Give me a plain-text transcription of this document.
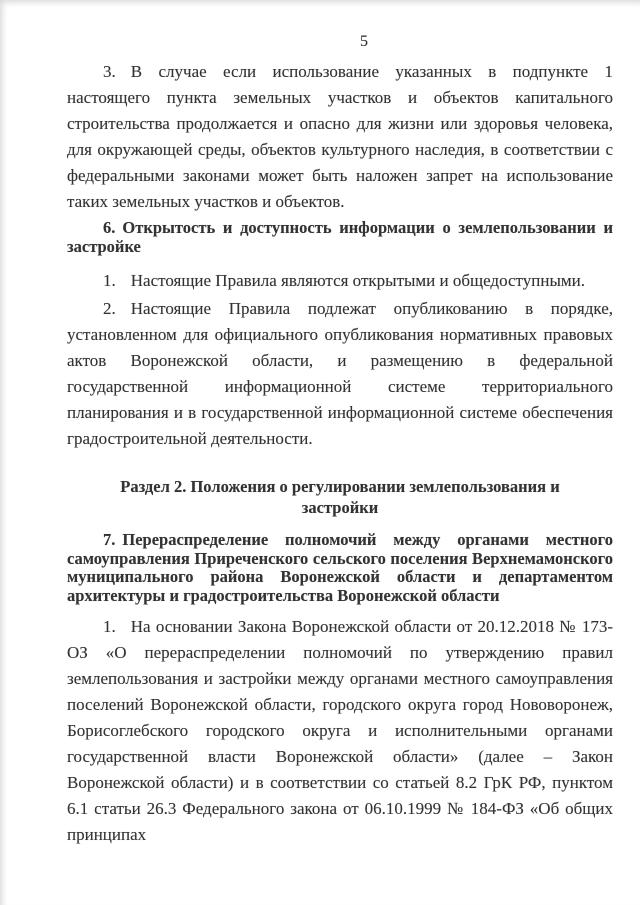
5

3. В случае если использование указанных в подпункте 1 настоящего пункта земельных участков и объектов капитального строительства продолжается и опасно для жизни или здоровья человека, для окружающей среды, объектов культурного наследия, в соответствии с федеральными законами может быть наложен запрет на использование таких земельных участков и объектов.

6. Открытость и доступность информации о землепользовании и застройке

1. Настоящие Правила являются открытыми и общедоступными.

2. Настоящие Правила подлежат опубликованию в порядке, установленном для официального опубликования нормативных правовых актов Воронежской области, и размещению в федеральной государственной информационной системе территориального планирования и в государственной информационной системе обеспечения градостроительной деятельности.

Раздел 2. Положения о регулировании землепользования и застройки

7. Перераспределение полномочий между органами местного самоуправления Приреченского сельского поселения Верхнемамонского муниципального района Воронежской области и департаментом архитектуры и градостроительства Воронежской области

1. На основании Закона Воронежской области от 20.12.2018 № 173-ОЗ «О перераспределении полномочий по утверждению правил землепользования и застройки между органами местного самоуправления поселений Воронежской области, городского округа город Нововоронеж, Борисоглебского городского округа и исполнительными органами государственной власти Воронежской области» (далее – Закон Воронежской области) и в соответствии со статьей 8.2 ГрК РФ, пунктом 6.1 статьи 26.3 Федерального закона от 06.10.1999 № 184-ФЗ «Об общих принципах
